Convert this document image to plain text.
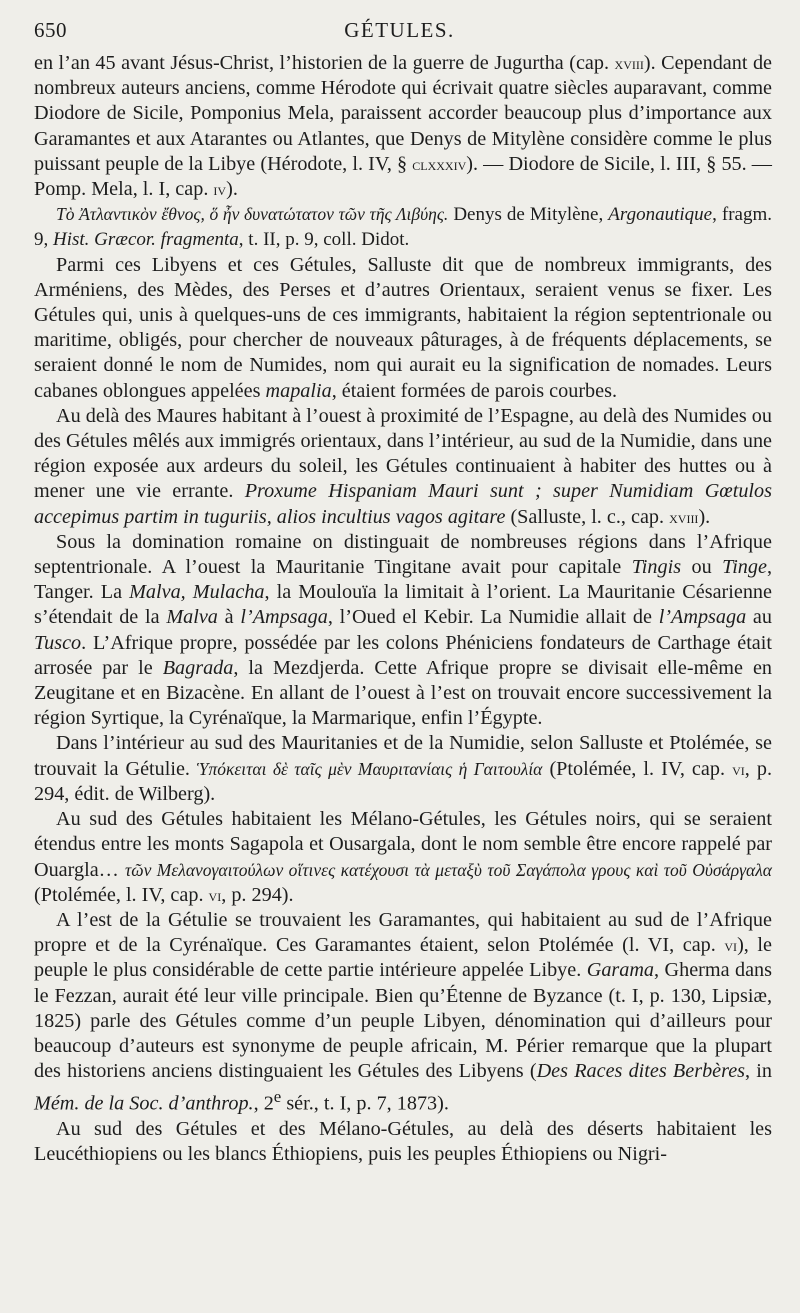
650	GÉTULES.

en l’an 45 avant Jésus-Christ, l’historien de la guerre de Jugurtha (cap. xviii). Cependant de nombreux auteurs anciens, comme Hérodote qui écrivait quatre siècles auparavant, comme Diodore de Sicile, Pomponius Mela, paraissent accorder beaucoup plus d’importance aux Garamantes et aux Atarantes ou Atlantes, que Denys de Mitylène considère comme le plus puissant peuple de la Libye (Hérodote, l. IV, § clxxxiv). — Diodore de Sicile, l. III, § 55. — Pomp. Mela, l. I, cap. iv).

Τὸ Ἀτλαντικὸν ἔθνος, ὅ ἦν δυνατώτατον τῶν τῆς Λιβύης. Denys de Mitylène, Argonautique, fragm. 9, Hist. Græcor. fragmenta, t. II, p. 9, coll. Didot.

Parmi ces Libyens et ces Gétules, Salluste dit que de nombreux immigrants, des Arméniens, des Mèdes, des Perses et d’autres Orientaux, seraient venus se fixer. Les Gétules qui, unis à quelques-uns de ces immigrants, habitaient la région septentrionale ou maritime, obligés, pour chercher de nouveaux pâturages, à de fréquents déplacements, se seraient donné le nom de Numides, nom qui aurait eu la signification de nomades. Leurs cabanes oblongues appelées mapalia, étaient formées de parois courbes.

Au delà des Maures habitant à l’ouest à proximité de l’Espagne, au delà des Numides ou des Gétules mêlés aux immigrés orientaux, dans l’intérieur, au sud de la Numidie, dans une région exposée aux ardeurs du soleil, les Gétules continuaient à habiter des huttes ou à mener une vie errante. Proxume Hispaniam Mauri sunt ; super Numidiam Gœtulos accepimus partim in tuguriis, alios incultius vagos agitare (Salluste, l. c., cap. xviii).

Sous la domination romaine on distinguait de nombreuses régions dans l’Afrique septentrionale. A l’ouest la Mauritanie Tingitane avait pour capitale Tingis ou Tinge, Tanger. La Malva, Mulacha, la Moulouïa la limitait à l’orient. La Mauritanie Césarienne s’étendait de la Malva à l’Ampsaga, l’Oued el Kebir. La Numidie allait de l’Ampsaga au Tusco. L’Afrique propre, possédée par les colons Phéniciens fondateurs de Carthage était arrosée par le Bagrada, la Mezdjerda. Cette Afrique propre se divisait elle-même en Zeugitane et en Bizacène. En allant de l’ouest à l’est on trouvait encore successivement la région Syrtique, la Cyrénaïque, la Marmarique, enfin l’Égypte.

Dans l’intérieur au sud des Mauritanies et de la Numidie, selon Salluste et Ptolémée, se trouvait la Gétulie. Ὑπόκειται δὲ ταῖς μὲν Μαυριτανίαις ἡ Γαιτουλία (Ptolémée, l. IV, cap. vi, p. 294, édit. de Wilberg).

Au sud des Gétules habitaient les Mélano-Gétules, les Gétules noirs, qui se seraient étendus entre les monts Sagapola et Ousargala, dont le nom semble être encore rappelé par Ouargla… τῶν Μελανογαιτούλων οἵτινες κατέχουσι τὰ μεταξὺ τοῦ Σαγάπολα γρους καὶ τοῦ Οὐσάργαλα (Ptolémée, l. IV, cap. vi, p. 294).

A l’est de la Gétulie se trouvaient les Garamantes, qui habitaient au sud de l’Afrique propre et de la Cyrénaïque. Ces Garamantes étaient, selon Ptolémée (l. VI, cap. vi), le peuple le plus considérable de cette partie intérieure appelée Libye. Garama, Gherma dans le Fezzan, aurait été leur ville principale. Bien qu’Étenne de Byzance (t. I, p. 130, Lipsiæ, 1825) parle des Gétules comme d’un peuple Libyen, dénomination qui d’ailleurs pour beaucoup d’auteurs est synonyme de peuple africain, M. Périer remarque que la plupart des historiens anciens distinguaient les Gétules des Libyens (Des Races dites Berbères, in Mém. de la Soc. d’anthrop., 2e sér., t. I, p. 7, 1873).

Au sud des Gétules et des Mélano-Gétules, au delà des déserts habitaient les Leucéthiopiens ou les blancs Éthiopiens, puis les peuples Éthiopiens ou Nigri-
